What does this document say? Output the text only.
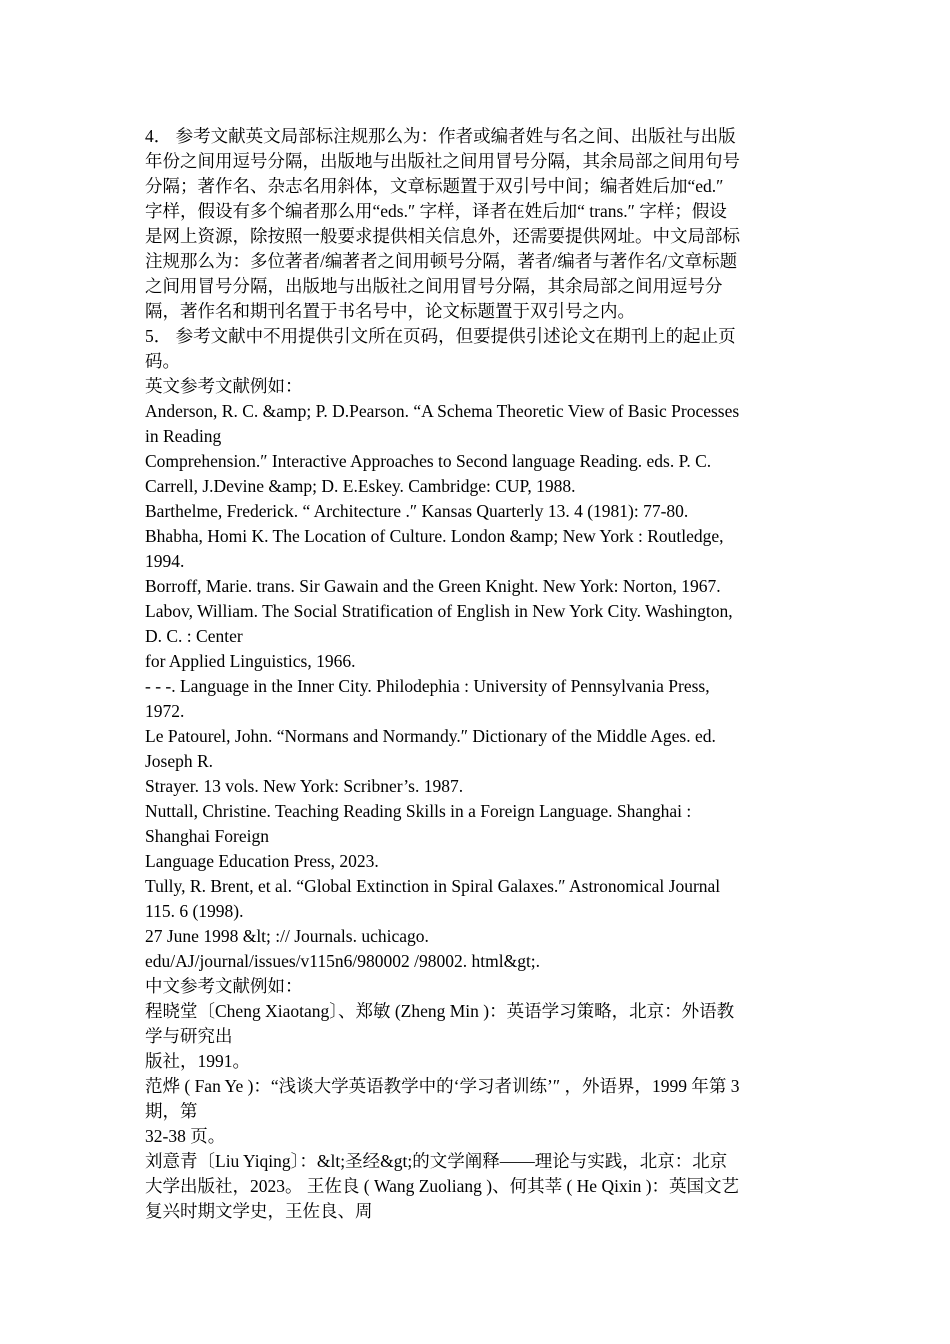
4． 参考文献英文局部标注规那么为：作者或编者姓与名之间、出版社与出版
年份之间用逗号分隔，出版地与出版社之间用冒号分隔，其余局部之间用句号
分隔；著作名、杂志名用斜体，文章标题置于双引号中间；编者姓后加“ed.″
字样，假设有多个编者那么用“eds.″ 字样，译者在姓后加“ trans.″ 字样；假设
是网上资源，除按照一般要求提供相关信息外，还需要提供网址。中文局部标
注规那么为：多位著者/编著者之间用顿号分隔，著者/编者与著作名/文章标题
之间用冒号分隔，出版地与出版社之间用冒号分隔，其余局部之间用逗号分
隔，著作名和期刊名置于书名号中，论文标题置于双引号之内。
5． 参考文献中不用提供引文所在页码，但要提供引述论文在期刊上的起止页
码。
英文参考文献例如：
Anderson, R. C. &amp; P. D.Pearson. “A Schema Theoretic View of Basic Processes
in Reading
Comprehension.″ Interactive Approaches to Second language Reading. eds. P. C.
Carrell, J.Devine &amp; D. E.Eskey. Cambridge: CUP, 1988.
Barthelme, Frederick. “ Architecture .″ Kansas Quarterly 13. 4 (1981): 77-80.
Bhabha, Homi K. The Location of Culture. London &amp; New York : Routledge,
1994.
Borroff, Marie. trans. Sir Gawain and the Green Knight. New York: Norton, 1967.
Labov, William. The Social Stratification of English in New York City. Washington,
D. C. : Center
for Applied Linguistics, 1966.
- - -. Language in the Inner City. Philodephia : University of Pennsylvania Press,
1972.
Le Patourel, John. “Normans and Normandy.″ Dictionary of the Middle Ages. ed.
Joseph R.
Strayer. 13 vols. New York: Scribner’s. 1987.
Nuttall, Christine. Teaching Reading Skills in a Foreign Language. Shanghai :
Shanghai Foreign
Language Education Press, 2023.
Tully, R. Brent, et al. “Global Extinction in Spiral Galaxes.″ Astronomical Journal
115. 6 (1998).
27 June 1998 &lt; :// Journals. uchicago.
edu/AJ/journal/issues/v115n6/980002 /98002. html&gt;.
中文参考文献例如：
程晓堂〔Cheng Xiaotang〕、郑敏 (Zheng Min )：英语学习策略，北京：外语教
学与研究出
版社，1991。
范烨 ( Fan Ye )：“浅谈大学英语教学中的‘学习者训练’″ ，外语界，1999 年第 3
期，第
32-38 页。
刘意青〔Liu Yiqing〕：&lt;圣经&gt;的文学阐释——理论与实践，北京：北京
大学出版社，2023。 王佐良 ( Wang Zuoliang )、何其莘 ( He Qixin )：英国文艺
复兴时期文学史，王佐良、周
